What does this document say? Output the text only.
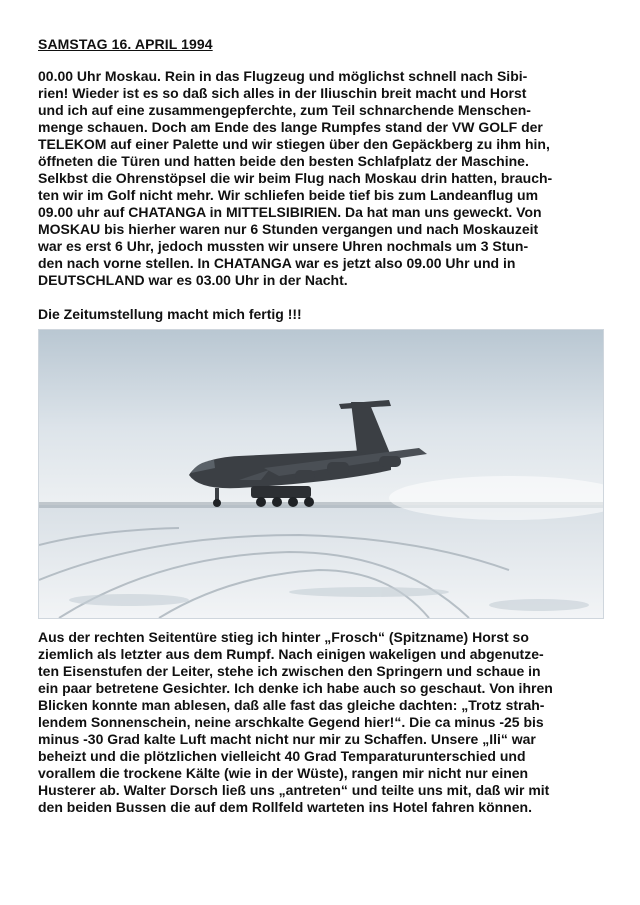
SAMSTAG 16. APRIL 1994

00.00 Uhr Moskau. Rein in das Flugzeug und möglichst schnell nach Sibi-
rien! Wieder ist es so daß sich alles in der Iliuschin breit macht und Horst
und ich auf eine zusammengepferchte, zum Teil schnarchende Menschen-
menge schauen. Doch am Ende des lange Rumpfes stand der VW GOLF der
TELEKOM auf einer Palette und wir stiegen über den Gepäckberg zu ihm hin,
öffneten die Türen und hatten beide den besten Schlafplatz der Maschine.
Selkbst die Ohrenstöpsel die wir beim Flug nach Moskau drin hatten, brauch-
ten wir im Golf nicht mehr. Wir schliefen beide tief bis zum Landeanflug um
09.00 uhr auf CHATANGA in MITTELSIBIRIEN. Da hat man uns geweckt. Von
MOSKAU bis hierher waren nur 6 Stunden vergangen und nach Moskauzeit
war es erst 6 Uhr, jedoch mussten wir unsere Uhren nochmals um 3 Stun-
den nach vorne stellen. In CHATANGA war es jetzt also 09.00 Uhr und in
DEUTSCHLAND war es 03.00 Uhr in der Nacht.

Die Zeitumstellung macht mich fertig !!!

Aus der rechten Seitentüre stieg ich hinter „Frosch“ (Spitzname) Horst so
ziemlich als letzter aus dem Rumpf. Nach einigen wakeligen und abgenutze-
ten Eisenstufen der Leiter, stehe ich zwischen den Springern und schaue in
ein paar betretene Gesichter. Ich denke ich habe auch so geschaut. Von ihren
Blicken konnte man ablesen, daß alle fast das gleiche dachten: „Trotz strah-
lendem Sonnenschein, neine arschkalte Gegend hier!“. Die ca minus -25 bis
minus -30 Grad kalte Luft macht nicht nur mir zu Schaffen. Unsere „Ili“ war
beheizt und die plötzlichen vielleicht 40 Grad Temparaturunterschied und
vorallem die trockene Kälte (wie in der Wüste), rangen mir nicht nur einen
Husterer ab. Walter Dorsch ließ uns „antreten“ und teilte uns mit, daß wir mit
den beiden Bussen die auf dem Rollfeld warteten ins Hotel fahren können.
